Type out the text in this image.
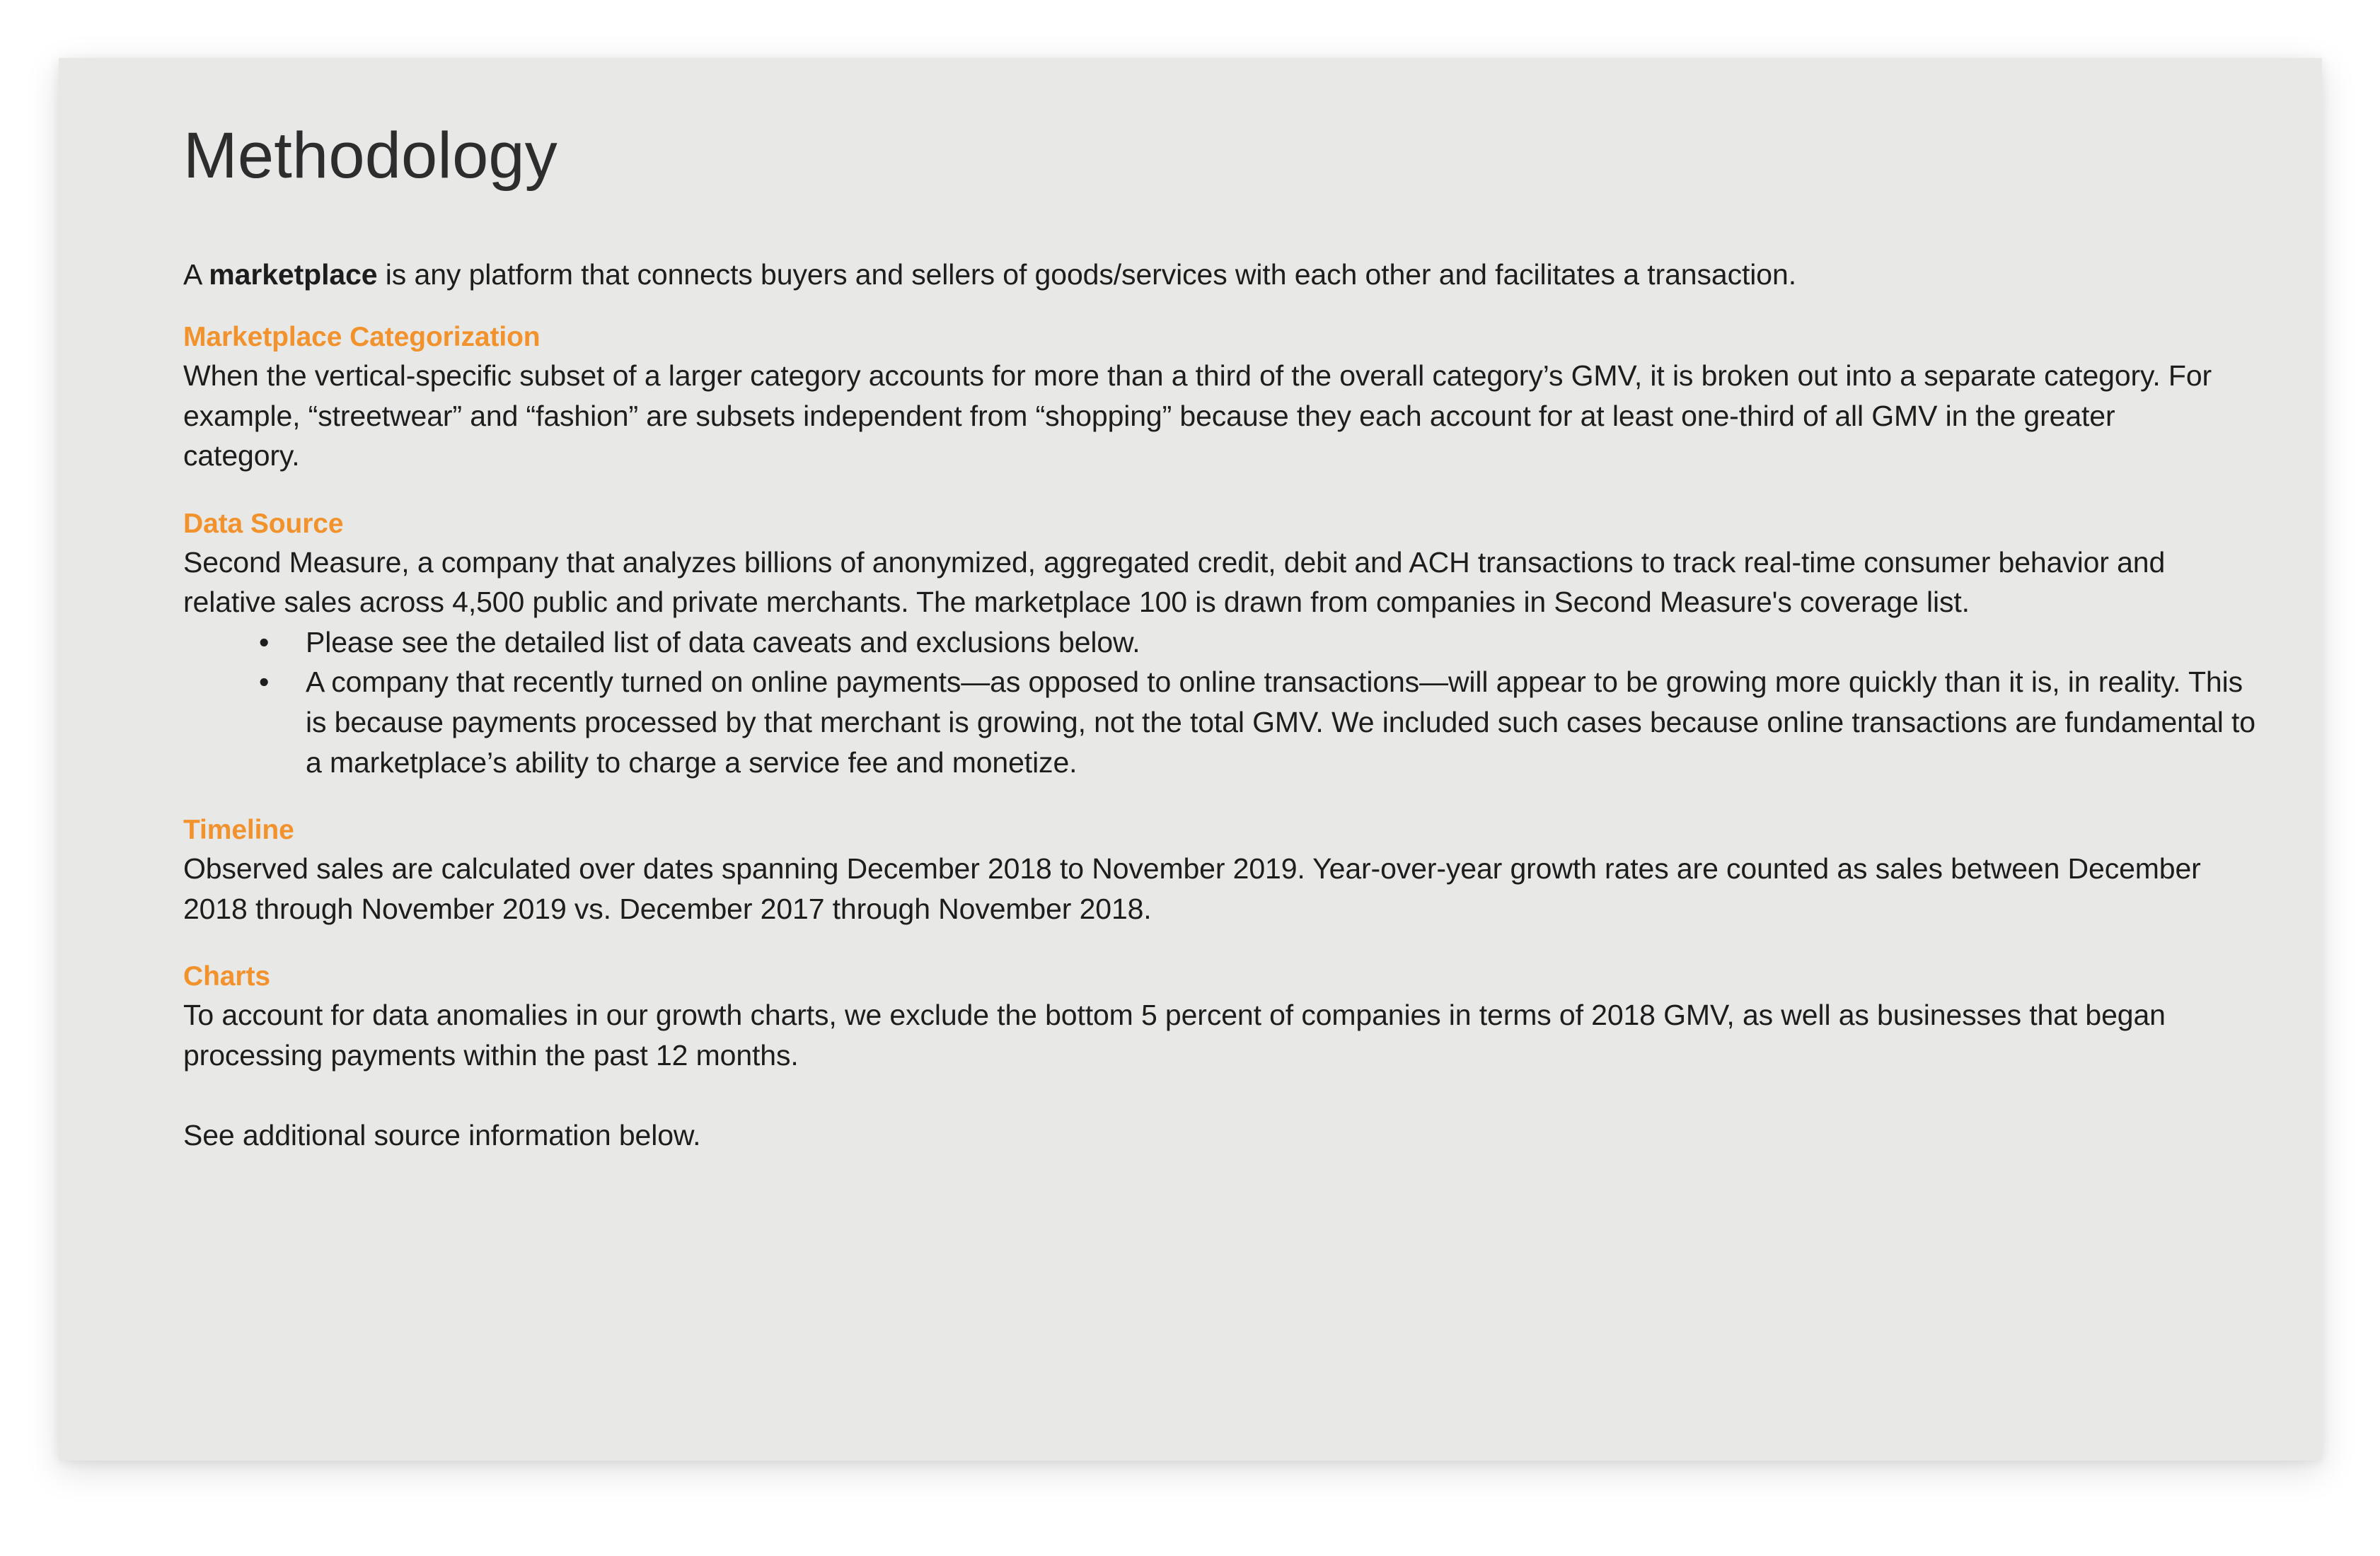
Methodology

A marketplace is any platform that connects buyers and sellers of goods/services with each other and facilitates a transaction.

Marketplace Categorization

When the vertical-specific subset of a larger category accounts for more than a third of the overall category’s GMV, it is broken out into a separate category. For example, “streetwear” and “fashion” are subsets independent from “shopping” because they each account for at least one-third of all GMV in the greater category.

Data Source

Second Measure, a company that analyzes billions of anonymized, aggregated credit, debit and ACH transactions to track real-time consumer behavior and relative sales across 4,500 public and private merchants. The marketplace 100 is drawn from companies in Second Measure's coverage list.

• Please see the detailed list of data caveats and exclusions below.
• A company that recently turned on online payments—as opposed to online transactions—will appear to be growing more quickly than it is, in reality. This is because payments processed by that merchant is growing, not the total GMV. We included such cases because online transactions are fundamental to a marketplace’s ability to charge a service fee and monetize.
Timeline

Observed sales are calculated over dates spanning December 2018 to November 2019. Year-over-year growth rates are counted as sales between December 2018 through November 2019 vs. December 2017 through November 2018.

Charts

To account for data anomalies in our growth charts, we exclude the bottom 5 percent of companies in terms of 2018 GMV, as well as businesses that began processing payments within the past 12 months.

See additional source information below.
